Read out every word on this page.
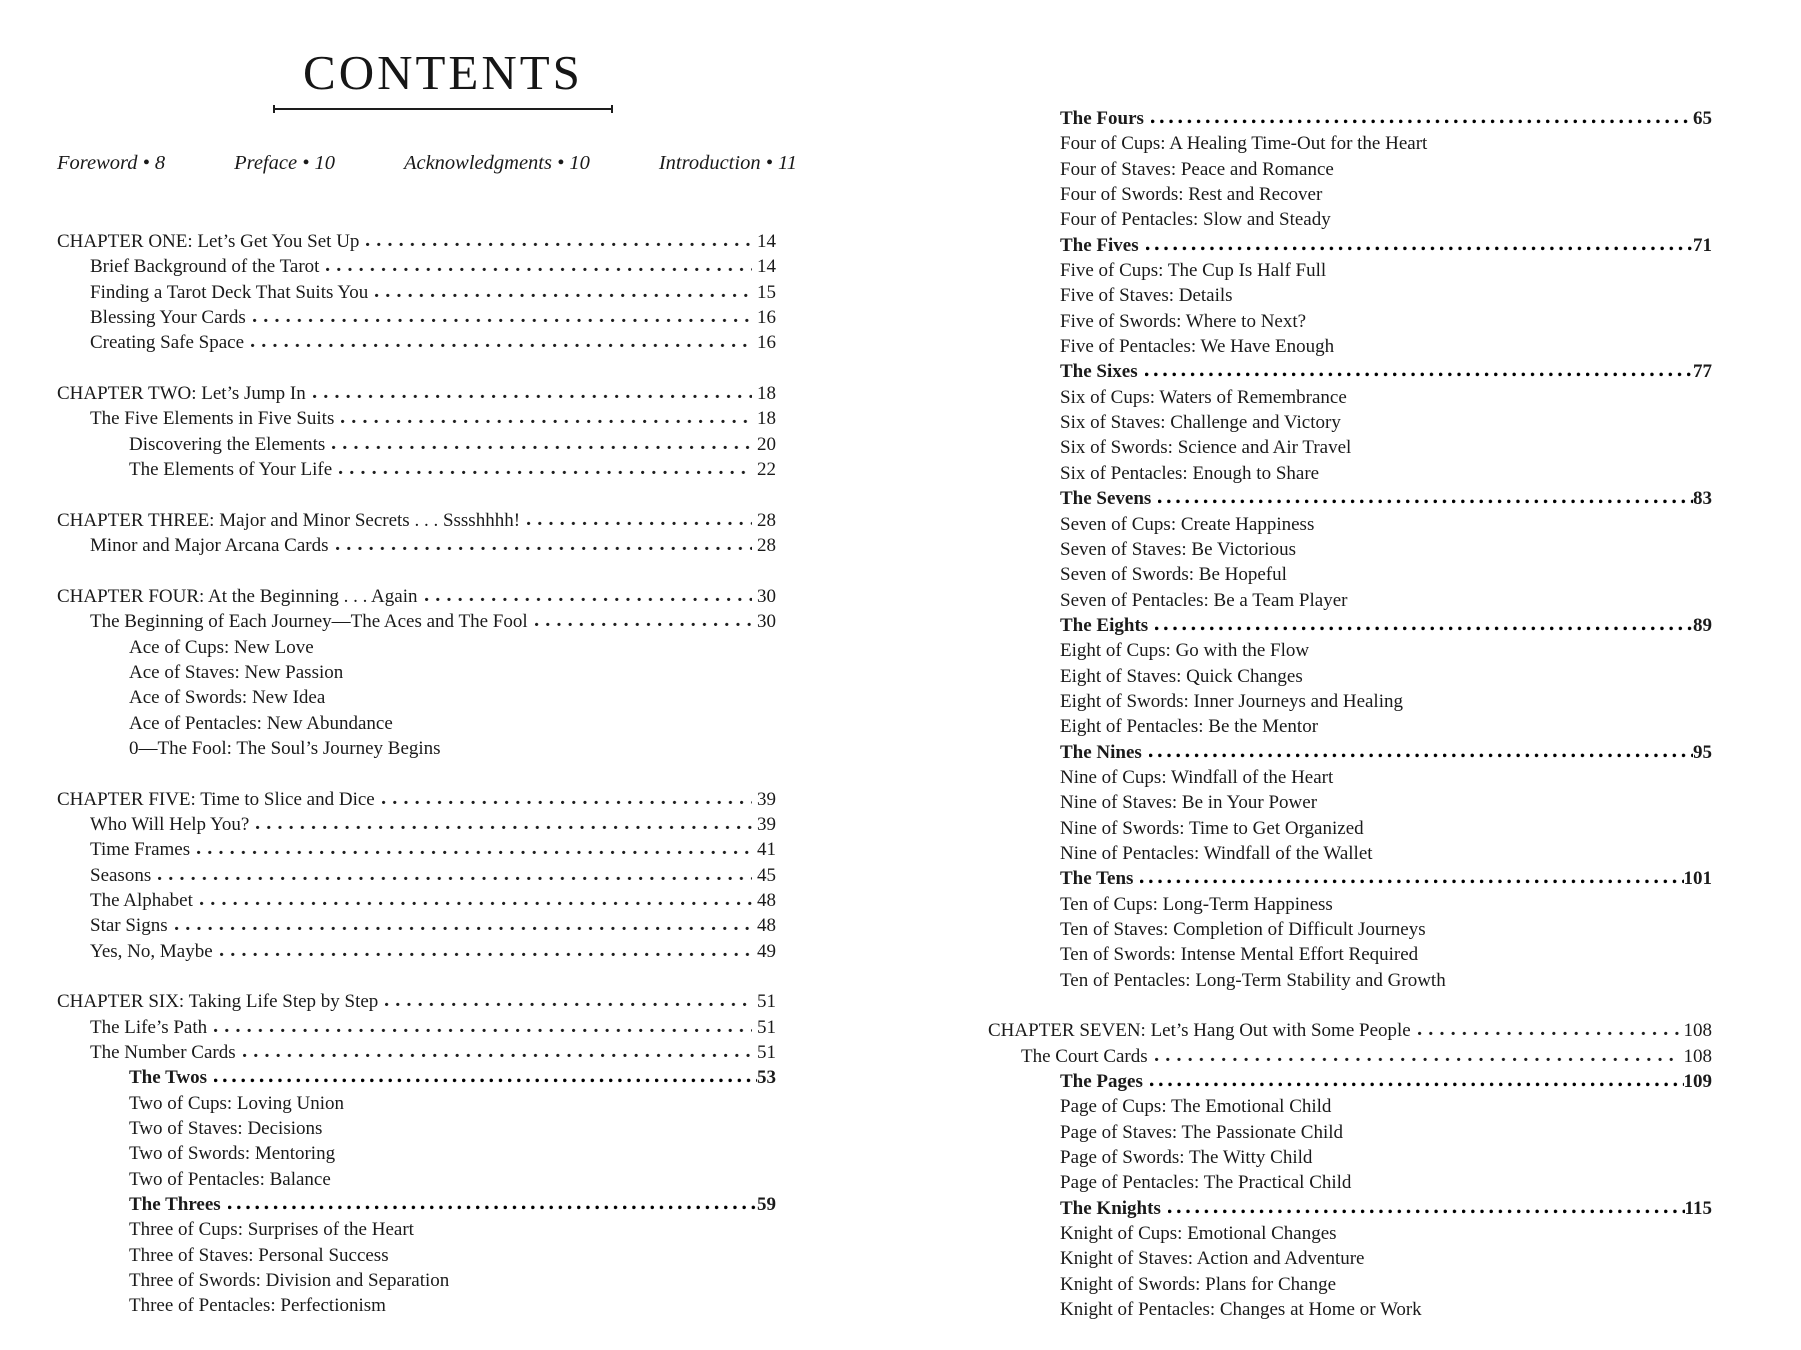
CONTENTS
Foreword • 8	Preface • 10	Acknowledgments • 10	Introduction • 11
CHAPTER ONE: Let’s Get You Set Up	14
Brief Background of the Tarot	14
Finding a Tarot Deck That Suits You	15
Blessing Your Cards	16
Creating Safe Space	16
CHAPTER TWO: Let’s Jump In	18
The Five Elements in Five Suits	18
Discovering the Elements	20
The Elements of Your Life	22
CHAPTER THREE: Major and Minor Secrets . . . Sssshhhh!	28
Minor and Major Arcana Cards	28
CHAPTER FOUR: At the Beginning . . . Again	30
The Beginning of Each Journey—The Aces and The Fool	30
Ace of Cups: New Love
Ace of Staves: New Passion
Ace of Swords: New Idea
Ace of Pentacles: New Abundance
0—The Fool: The Soul’s Journey Begins
CHAPTER FIVE: Time to Slice and Dice	39
Who Will Help You?	39
Time Frames	41
Seasons	45
The Alphabet	48
Star Signs	48
Yes, No, Maybe	49
CHAPTER SIX: Taking Life Step by Step	51
The Life’s Path	51
The Number Cards	51
The Twos	53
Two of Cups: Loving Union
Two of Staves: Decisions
Two of Swords: Mentoring
Two of Pentacles: Balance
The Threes	59
Three of Cups: Surprises of the Heart
Three of Staves: Personal Success
Three of Swords: Division and Separation
Three of Pentacles: Perfectionism
The Fours	65
Four of Cups: A Healing Time-Out for the Heart
Four of Staves: Peace and Romance
Four of Swords: Rest and Recover
Four of Pentacles: Slow and Steady
The Fives	71
Five of Cups: The Cup Is Half Full
Five of Staves: Details
Five of Swords: Where to Next?
Five of Pentacles: We Have Enough
The Sixes	77
Six of Cups: Waters of Remembrance
Six of Staves: Challenge and Victory
Six of Swords: Science and Air Travel
Six of Pentacles: Enough to Share
The Sevens	83
Seven of Cups: Create Happiness
Seven of Staves: Be Victorious
Seven of Swords: Be Hopeful
Seven of Pentacles: Be a Team Player
The Eights	89
Eight of Cups: Go with the Flow
Eight of Staves: Quick Changes
Eight of Swords: Inner Journeys and Healing
Eight of Pentacles: Be the Mentor
The Nines	95
Nine of Cups: Windfall of the Heart
Nine of Staves: Be in Your Power
Nine of Swords: Time to Get Organized
Nine of Pentacles: Windfall of the Wallet
The Tens	101
Ten of Cups: Long-Term Happiness
Ten of Staves: Completion of Difficult Journeys
Ten of Swords: Intense Mental Effort Required
Ten of Pentacles: Long-Term Stability and Growth
CHAPTER SEVEN: Let’s Hang Out with Some People	108
The Court Cards	108
The Pages	109
Page of Cups: The Emotional Child
Page of Staves: The Passionate Child
Page of Swords: The Witty Child
Page of Pentacles: The Practical Child
The Knights	115
Knight of Cups: Emotional Changes
Knight of Staves: Action and Adventure
Knight of Swords: Plans for Change
Knight of Pentacles: Changes at Home or Work
